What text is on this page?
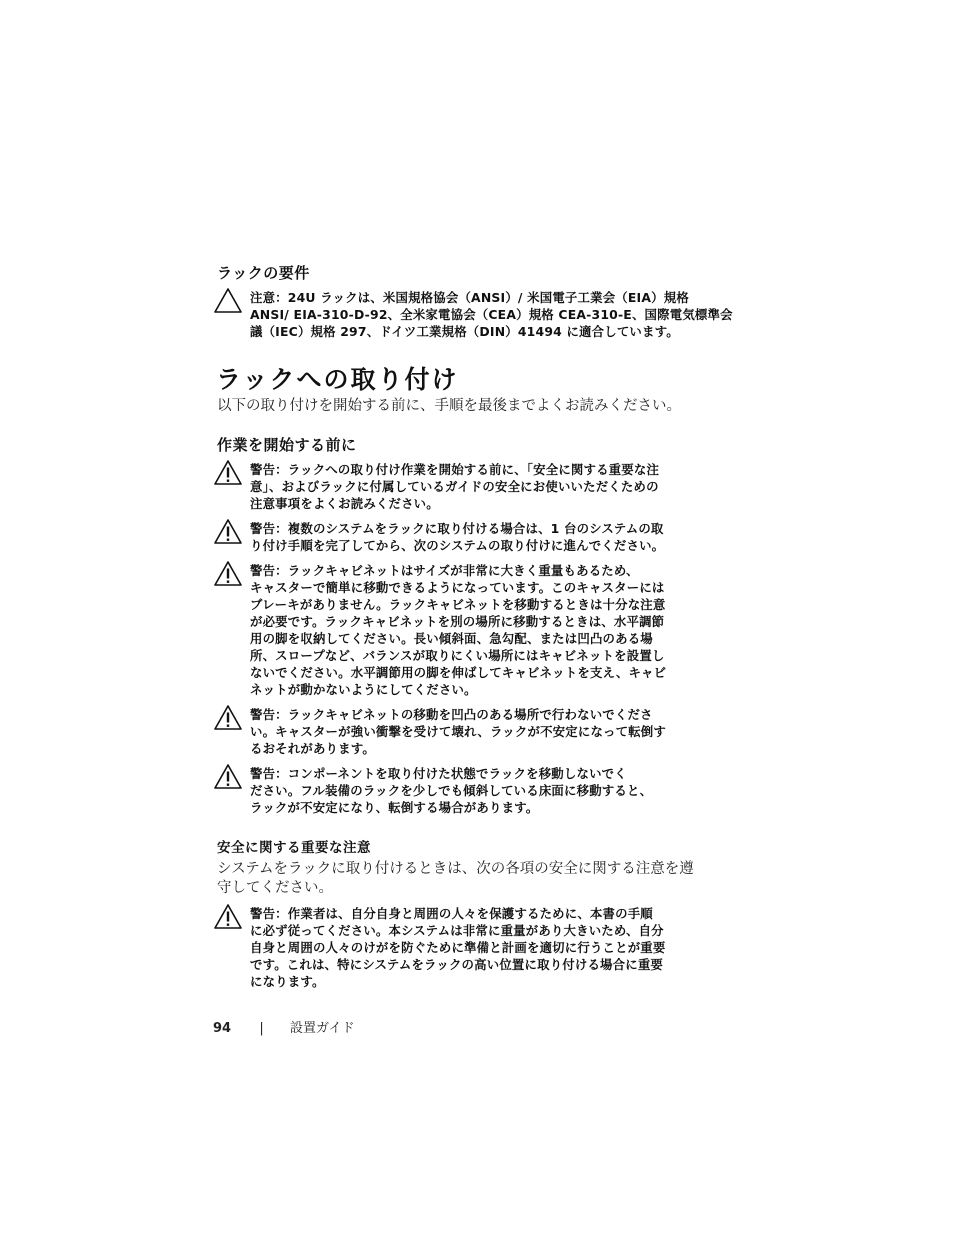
ラックの要件
注意：24U ラックは、米国規格協会（ANSI）/ 米国電子工業会（EIA）規格
ANSI/ EIA-310-D-92、全米家電協会（CEA）規格 CEA-310-E、国際電気標準会
議（IEC）規格 297、ドイツ工業規格（DIN）41494 に適合しています。
ラックへの取り付け
以下の取り付けを開始する前に、手順を最後までよくお読みください。
作業を開始する前に
警告：ラックへの取り付け作業を開始する前に、「安全に関する重要な注
意」、およびラックに付属しているガイドの安全にお使いいただくための
注意事項をよくお読みください。
警告：複数のシステムをラックに取り付ける場合は、1 台のシステムの取
り付け手順を完了してから、次のシステムの取り付けに進んでください。
警告：ラックキャビネットはサイズが非常に大きく重量もあるため、
キャスターで簡単に移動できるようになっています。このキャスターには
ブレーキがありません。ラックキャビネットを移動するときは十分な注意
が必要です。ラックキャビネットを別の場所に移動するときは、水平調節
用の脚を収納してください。長い傾斜面、急勾配、または凹凸のある場
所、スロープなど、バランスが取りにくい場所にはキャビネットを設置し
ないでください。水平調節用の脚を伸ばしてキャビネットを支え、キャビ
ネットが動かないようにしてください。
警告：ラックキャビネットの移動を凹凸のある場所で行わないでくださ
い。キャスターが強い衝撃を受けて壊れ、ラックが不安定になって転倒す
るおそれがあります。
警告：コンポーネントを取り付けた状態でラックを移動しないでく
ださい。フル装備のラックを少しでも傾斜している床面に移動すると、
ラックが不安定になり、転倒する場合があります。
安全に関する重要な注意
システムをラックに取り付けるときは、次の各項の安全に関する注意を遵
守してください。
警告：作業者は、自分自身と周囲の人々を保護するために、本書の手順
に必ず従ってください。本システムは非常に重量があり大きいため、自分
自身と周囲の人々のけがを防ぐために準備と計画を適切に行うことが重要
です。これは、特にシステムをラックの高い位置に取り付ける場合に重要
になります。
94 | 設置ガイド
